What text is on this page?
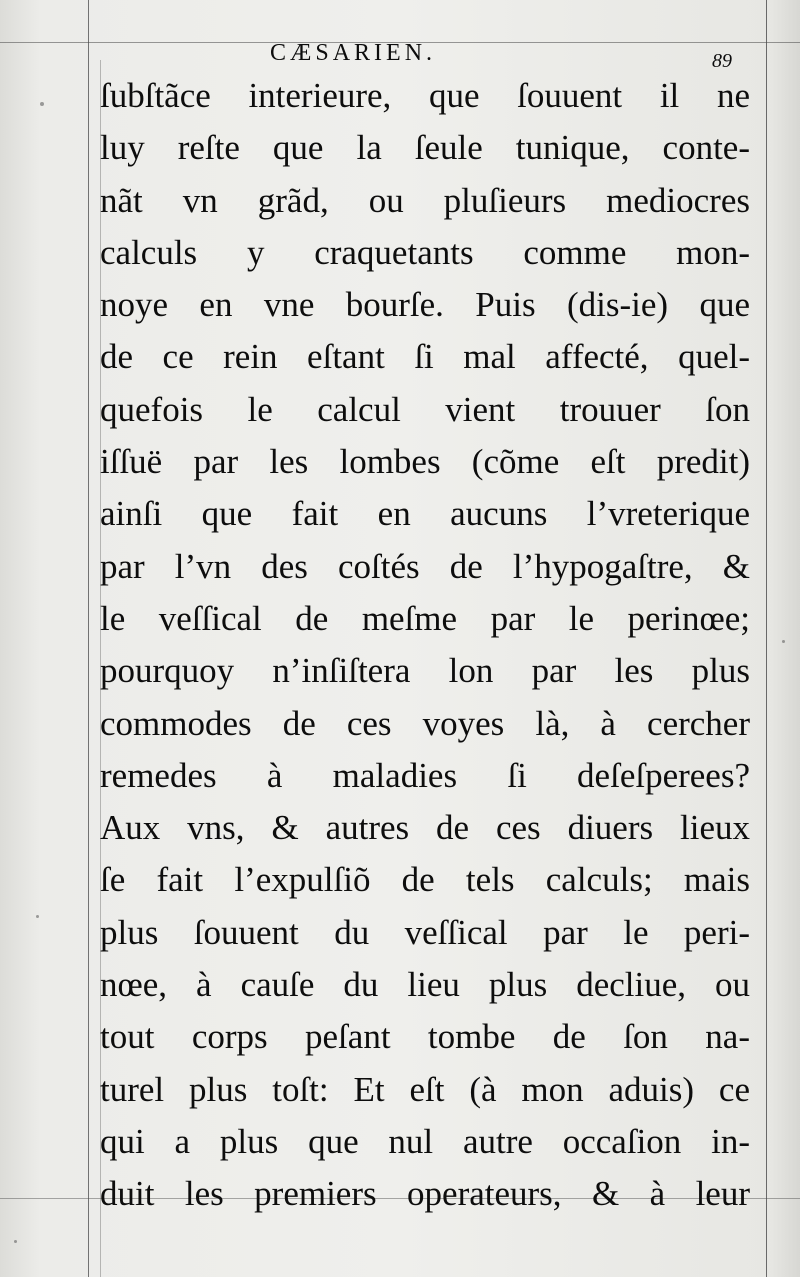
CÆSARIEN.	89
ſubſtãce interieure, que ſouuent il ne
luy reſte que la ſeule tunique, conte-
nãt vn grãd, ou pluſieurs mediocres
calculs y craquetants comme mon-
noye en vne bourſe. Puis (dis-ie) que
de ce rein eſtant ſi mal affecté, quel-
quefois le calcul vient trouuer ſon
iſſuë par les lombes (cõme eſt predit)
ainſi que fait en aucuns l’vreterique
par l’vn des coſtés de l’hypogaſtre, &
le veſſical de meſme par le perinœe;
pourquoy n’inſiſtera lon par les plus
commodes de ces voyes là, à cercher
remedes à maladies ſi deſeſperees?
Aux vns, & autres de ces diuers lieux
ſe fait l’expulſiõ de tels calculs; mais
plus ſouuent du veſſical par le peri-
nœe, à cauſe du lieu plus decliue, ou
tout corps peſant tombe de ſon na-
turel plus toſt: Et eſt (à mon aduis) ce
qui a plus que nul autre occaſion in-
duit les premiers operateurs, & à leur
